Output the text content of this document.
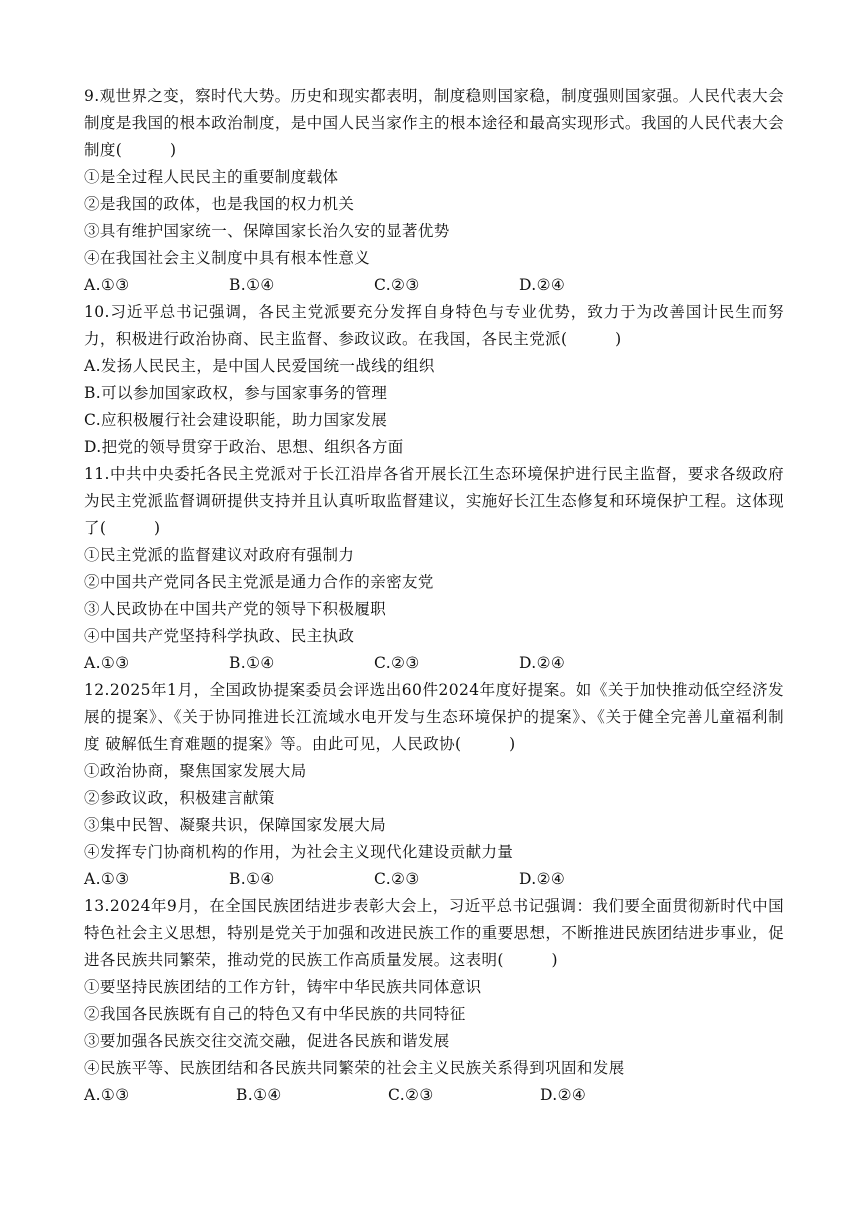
9.观世界之变，察时代大势。历史和现实都表明，制度稳则国家稳，制度强则国家强。人民代表大会制度是我国的根本政治制度，是中国人民当家作主的根本途径和最高实现形式。我国的人民代表大会制度(　　　)

①是全过程人民民主的重要制度载体

②是我国的政体，也是我国的权力机关

③具有维护国家统一、保障国家长治久安的显著优势

④在我国社会主义制度中具有根本性意义

A.①③	B.①④	C.②③	D.②④

10.习近平总书记强调，各民主党派要充分发挥自身特色与专业优势，致力于为改善国计民生而努力，积极进行政治协商、民主监督、参政议政。在我国，各民主党派(　　　)

A.发扬人民民主，是中国人民爱国统一战线的组织

B.可以参加国家政权，参与国家事务的管理

C.应积极履行社会建设职能，助力国家发展

D.把党的领导贯穿于政治、思想、组织各方面

11.中共中央委托各民主党派对于长江沿岸各省开展长江生态环境保护进行民主监督，要求各级政府为民主党派监督调研提供支持并且认真听取监督建议，实施好长江生态修复和环境保护工程。这体现了(　　　)

①民主党派的监督建议对政府有强制力

②中国共产党同各民主党派是通力合作的亲密友党

③人民政协在中国共产党的领导下积极履职

④中国共产党坚持科学执政、民主执政

A.①③	B.①④	C.②③	D.②④

12.2025年1月，全国政协提案委员会评选出60件2024年度好提案。如《关于加快推动低空经济发展的提案》、《关于协同推进长江流域水电开发与生态环境保护的提案》、《关于健全完善儿童福利制度 破解低生育难题的提案》等。由此可见，人民政协(　　　)

①政治协商，聚焦国家发展大局

②参政议政，积极建言献策

③集中民智、凝聚共识，保障国家发展大局

④发挥专门协商机构的作用，为社会主义现代化建设贡献力量

A.①③	B.①④	C.②③	D.②④

13.2024年9月，在全国民族团结进步表彰大会上，习近平总书记强调：我们要全面贯彻新时代中国特色社会主义思想，特别是党关于加强和改进民族工作的重要思想，不断推进民族团结进步事业，促进各民族共同繁荣，推动党的民族工作高质量发展。这表明(　　　)

①要坚持民族团结的工作方针，铸牢中华民族共同体意识

②我国各民族既有自己的特色又有中华民族的共同特征

③要加强各民族交往交流交融，促进各民族和谐发展

④民族平等、民族团结和各民族共同繁荣的社会主义民族关系得到巩固和发展

A.①③	B.①④	C.②③	D.②④
